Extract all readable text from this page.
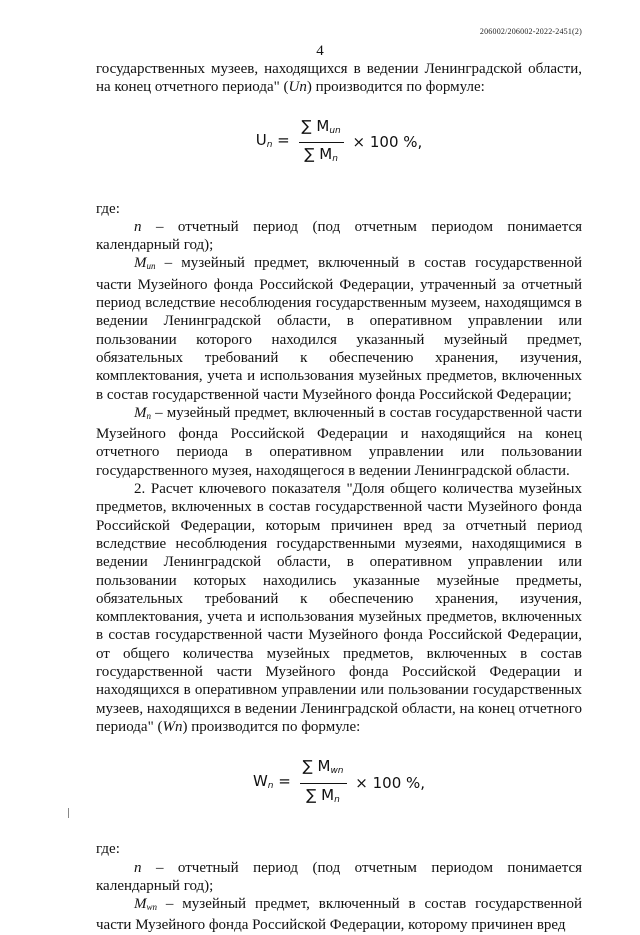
206002/206002-2022-2451(2)
4

государственных музеев, находящихся в ведении Ленинградской области, на конец отчетного периода" (Un) производится по формуле:

$U_n = \frac{\sum M_{un}}{\sum M_n} \times 100$ %,

где:

n – отчетный период (под отчетным периодом понимается календарный год);

$M_{un}$ – музейный предмет, включенный в состав государственной части Музейного фонда Российской Федерации, утраченный за отчетный период вследствие несоблюдения государственным музеем, находящимся в ведении Ленинградской области, в оперативном управлении или пользовании которого находился указанный музейный предмет, обязательных требований к обеспечению хранения, изучения, комплектования, учета и использования музейных предметов, включенных в состав государственной части Музейного фонда Российской Федерации;

$M_n$ – музейный предмет, включенный в состав государственной части Музейного фонда Российской Федерации и находящийся на конец отчетного периода в оперативном управлении или пользовании государственного музея, находящегося в ведении Ленинградской области.

2. Расчет ключевого показателя "Доля общего количества музейных предметов, включенных в состав государственной части Музейного фонда Российской Федерации, которым причинен вред за отчетный период вследствие несоблюдения государственными музеями, находящимися в ведении Ленинградской области, в оперативном управлении или пользовании которых находились указанные музейные предметы, обязательных требований к обеспечению хранения, изучения, комплектования, учета и использования музейных предметов, включенных в состав государственной части Музейного фонда Российской Федерации, от общего количества музейных предметов, включенных в состав государственной части Музейного фонда Российской Федерации и находящихся в оперативном управлении или пользовании государственных музеев, находящихся в ведении Ленинградской области, на конец отчетного периода" (Wn) производится по формуле:

$W_n = \frac{\sum M_{wn}}{\sum M_n} \times 100$ %,

где:

n – отчетный период (под отчетным периодом понимается календарный год);

$M_{wn}$ – музейный предмет, включенный в состав государственной части Музейного фонда Российской Федерации, которому причинен вред
